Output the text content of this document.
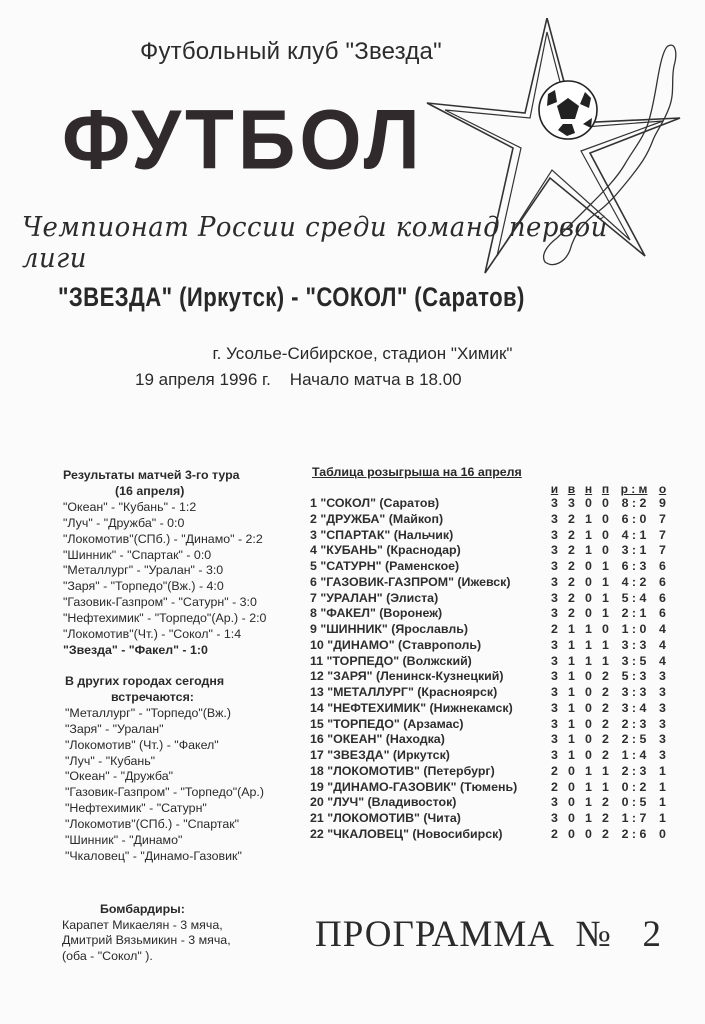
Футбольный клуб "Звезда"
ФУТБОЛ
Чемпионат России среди команд первой лиги
"ЗВЕЗДА" (Иркутск) - "СОКОЛ" (Саратов)
г. Усолье-Сибирское, стадион "Химик"
19 апреля 1996 г. Начало матча в 18.00
Результаты матчей 3-го тура
(16 апреля)
"Океан" - "Кубань" - 1:2
"Луч" - "Дружба" - 0:0
"Локомотив"(СПб.) - "Динамо" - 2:2
"Шинник" - "Спартак" - 0:0
"Металлург" - "Уралан" - 3:0
"Заря" - "Торпедо"(Вж.) - 4:0
"Газовик-Газпром" - "Сатурн" - 3:0
"Нефтехимик" - "Торпедо"(Ар.) - 2:0
"Локомотив"(Чт.) - "Сокол" - 1:4
"Звезда" - "Факел" - 1:0
В других городах сегодня
встречаются:
"Металлург" - "Торпедо"(Вж.)
"Заря" - "Уралан"
"Локомотив" (Чт.) - "Факел"
"Луч" - "Кубань"
"Океан" - "Дружба"
"Газовик-Газпром" - "Торпедо"(Ар.)
"Нефтехимик" - "Сатурн"
"Локомотив"(СПб.) - "Спартак"
"Шинник" - "Динамо"
"Чкаловец" - "Динамо-Газовик"
Таблица розыгрыша на 16 апреля
	и	в	н	п	р : м	о
1 "СОКОЛ" (Саратов)	3	3	0	0	8 : 2	9
2 "ДРУЖБА" (Майкоп)	3	2	1	0	6 : 0	7
3 "СПАРТАК" (Нальчик)	3	2	1	0	4 : 1	7
4 "КУБАНЬ" (Краснодар)	3	2	1	0	3 : 1	7
5 "САТУРН" (Раменское)	3	2	0	1	6 : 3	6
6 "ГАЗОВИК-ГАЗПРОМ" (Ижевск)	3	2	0	1	4 : 2	6
7 "УРАЛАН" (Элиста)	3	2	0	1	5 : 4	6
8 "ФАКЕЛ" (Воронеж)	3	2	0	1	2 : 1	6
9 "ШИННИК" (Ярославль)	2	1	1	0	1 : 0	4
10 "ДИНАМО" (Ставрополь)	3	1	1	1	3 : 3	4
11 "ТОРПЕДО" (Волжский)	3	1	1	1	3 : 5	4
12 "ЗАРЯ" (Ленинск-Кузнецкий)	3	1	0	2	5 : 3	3
13 "МЕТАЛЛУРГ" (Красноярск)	3	1	0	2	3 : 3	3
14 "НЕФТЕХИМИК" (Нижнекамск)	3	1	0	2	3 : 4	3
15 "ТОРПЕДО" (Арзамас)	3	1	0	2	2 : 3	3
16 "ОКЕАН" (Находка)	3	1	0	2	2 : 5	3
17 "ЗВЕЗДА" (Иркутск)	3	1	0	2	1 : 4	3
18 "ЛОКОМОТИВ" (Петербург)	2	0	1	1	2 : 3	1
19 "ДИНАМО-ГАЗОВИК" (Тюмень)	2	0	1	1	0 : 2	1
20 "ЛУЧ" (Владивосток)	3	0	1	2	0 : 5	1
21 "ЛОКОМОТИВ" (Чита)	3	0	1	2	1 : 7	1
22 "ЧКАЛОВЕЦ" (Новосибирск)	2	0	0	2	2 : 6	0
Бомбардиры:
Карапет Микаелян - 3 мяча,
Дмитрий Вязьмикин - 3 мяча,
(оба - "Сокол" ).
ПРОГРАММА № 2
